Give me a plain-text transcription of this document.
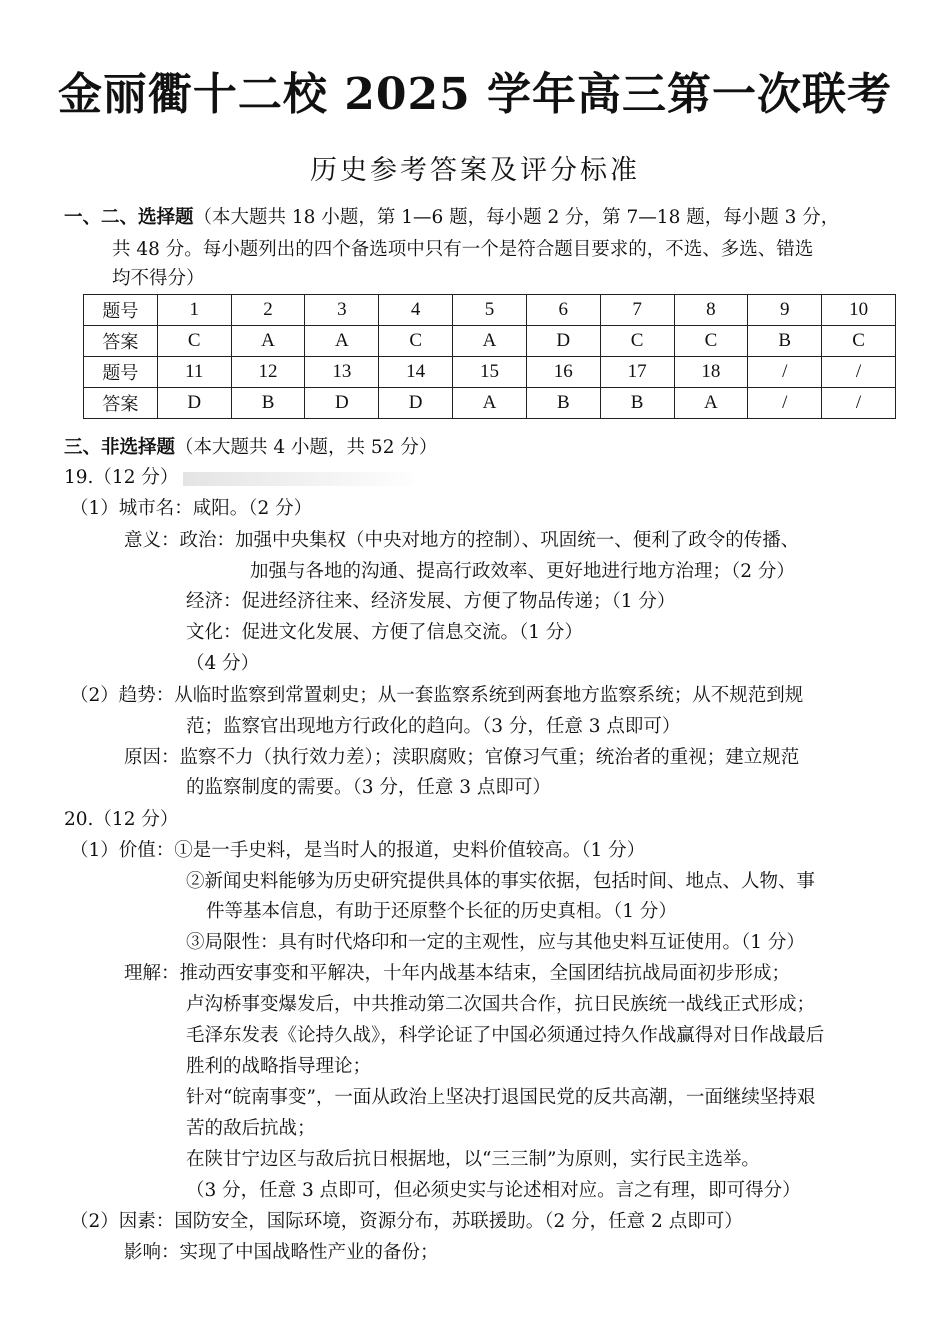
金丽衢十二校 2025 学年高三第一次联考
历史参考答案及评分标准
一、二、选择题（本大题共 18 小题，第 1—6 题，每小题 2 分，第 7—18 题，每小题 3 分，
共 48 分。每小题列出的四个备选项中只有一个是符合题目要求的，不选、多选、错选
均不得分）
题号	1	2	3	4	5	6	7	8	9	10
答案	C	A	A	C	A	D	C	C	B	C
题号	11	12	13	14	15	16	17	18	/	/
答案	D	B	D	D	A	B	B	A	/	/
三、非选择题（本大题共 4 小题，共 52 分）
19.（12 分）
（1）城市名：咸阳。（2 分）
意义：政治：加强中央集权（中央对地方的控制）、巩固统一、便利了政令的传播、
加强与各地的沟通、提高行政效率、更好地进行地方治理；（2 分）
经济：促进经济往来、经济发展、方便了物品传递；（1 分）
文化：促进文化发展、方便了信息交流。（1 分）
（4 分）
（2）趋势：从临时监察到常置刺史；从一套监察系统到两套地方监察系统；从不规范到规
范；监察官出现地方行政化的趋向。（3 分，任意 3 点即可）
原因：监察不力（执行效力差）；渎职腐败；官僚习气重；统治者的重视；建立规范
的监察制度的需要。（3 分，任意 3 点即可）
20.（12 分）
（1）价值：①是一手史料，是当时人的报道，史料价值较高。（1 分）
②新闻史料能够为历史研究提供具体的事实依据，包括时间、地点、人物、事
件等基本信息，有助于还原整个长征的历史真相。（1 分）
③局限性：具有时代烙印和一定的主观性，应与其他史料互证使用。（1 分）
理解：推动西安事变和平解决，十年内战基本结束，全国团结抗战局面初步形成；
卢沟桥事变爆发后，中共推动第二次国共合作，抗日民族统一战线正式形成；
毛泽东发表《论持久战》，科学论证了中国必须通过持久作战赢得对日作战最后
胜利的战略指导理论；
针对“皖南事变”，一面从政治上坚决打退国民党的反共高潮，一面继续坚持艰
苦的敌后抗战；
在陕甘宁边区与敌后抗日根据地，以“三三制”为原则，实行民主选举。
（3 分，任意 3 点即可，但必须史实与论述相对应。言之有理，即可得分）
（2）因素：国防安全，国际环境，资源分布，苏联援助。（2 分，任意 2 点即可）
影响：实现了中国战略性产业的备份；
